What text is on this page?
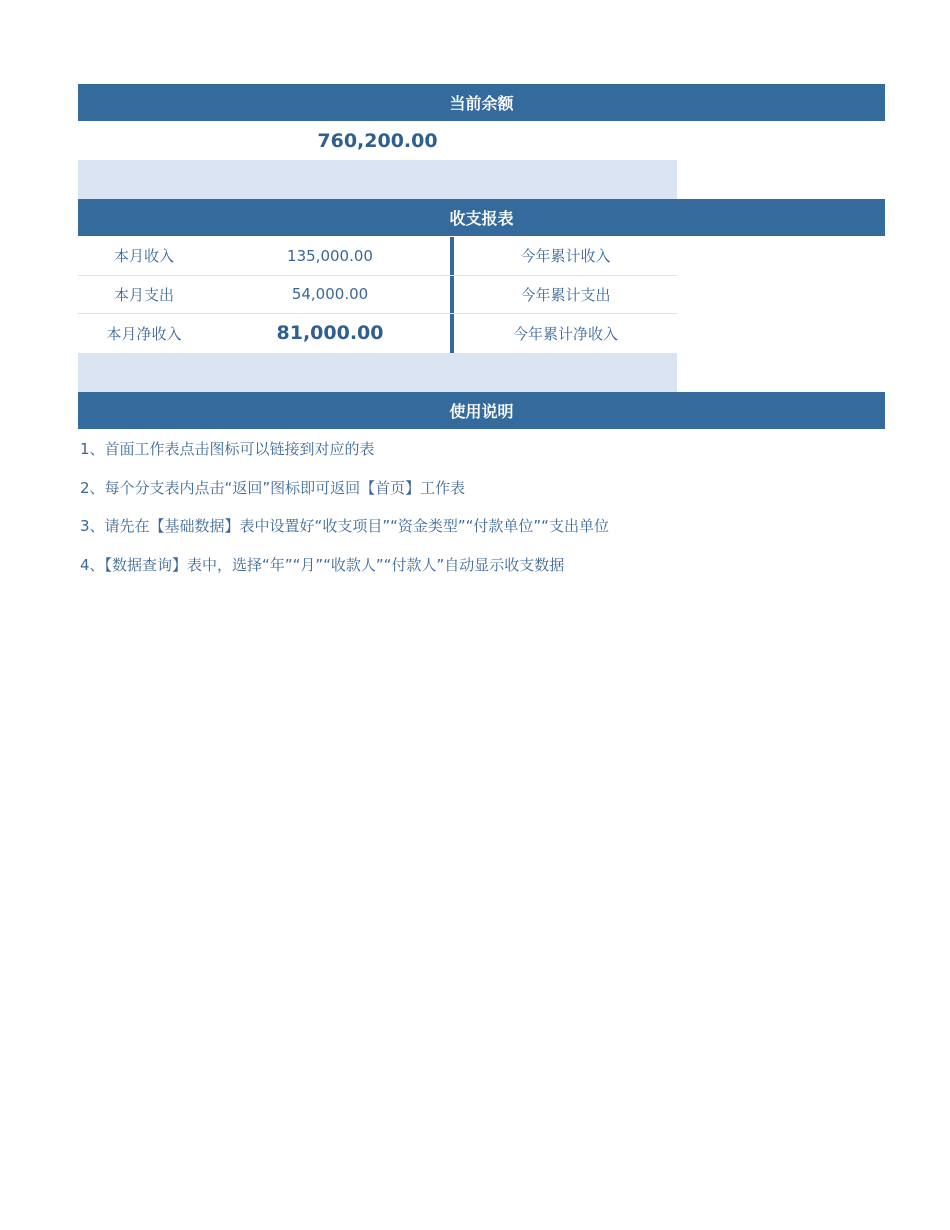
当前余额
760,200.00
收支报表
本月收入	135,000.00	今年累计收入
本月支出	54,000.00	今年累计支出
本月净收入	81,000.00	今年累计净收入
使用说明
1、首面工作表点击图标可以链接到对应的表
2、每个分支表内点击“返回”图标即可返回【首页】工作表
3、请先在【基础数据】表中设置好“收支项目”“资金类型”“付款单位”“支出单位
4、【数据查询】表中，选择“年”“月”“收款人”“付款人”自动显示收支数据
